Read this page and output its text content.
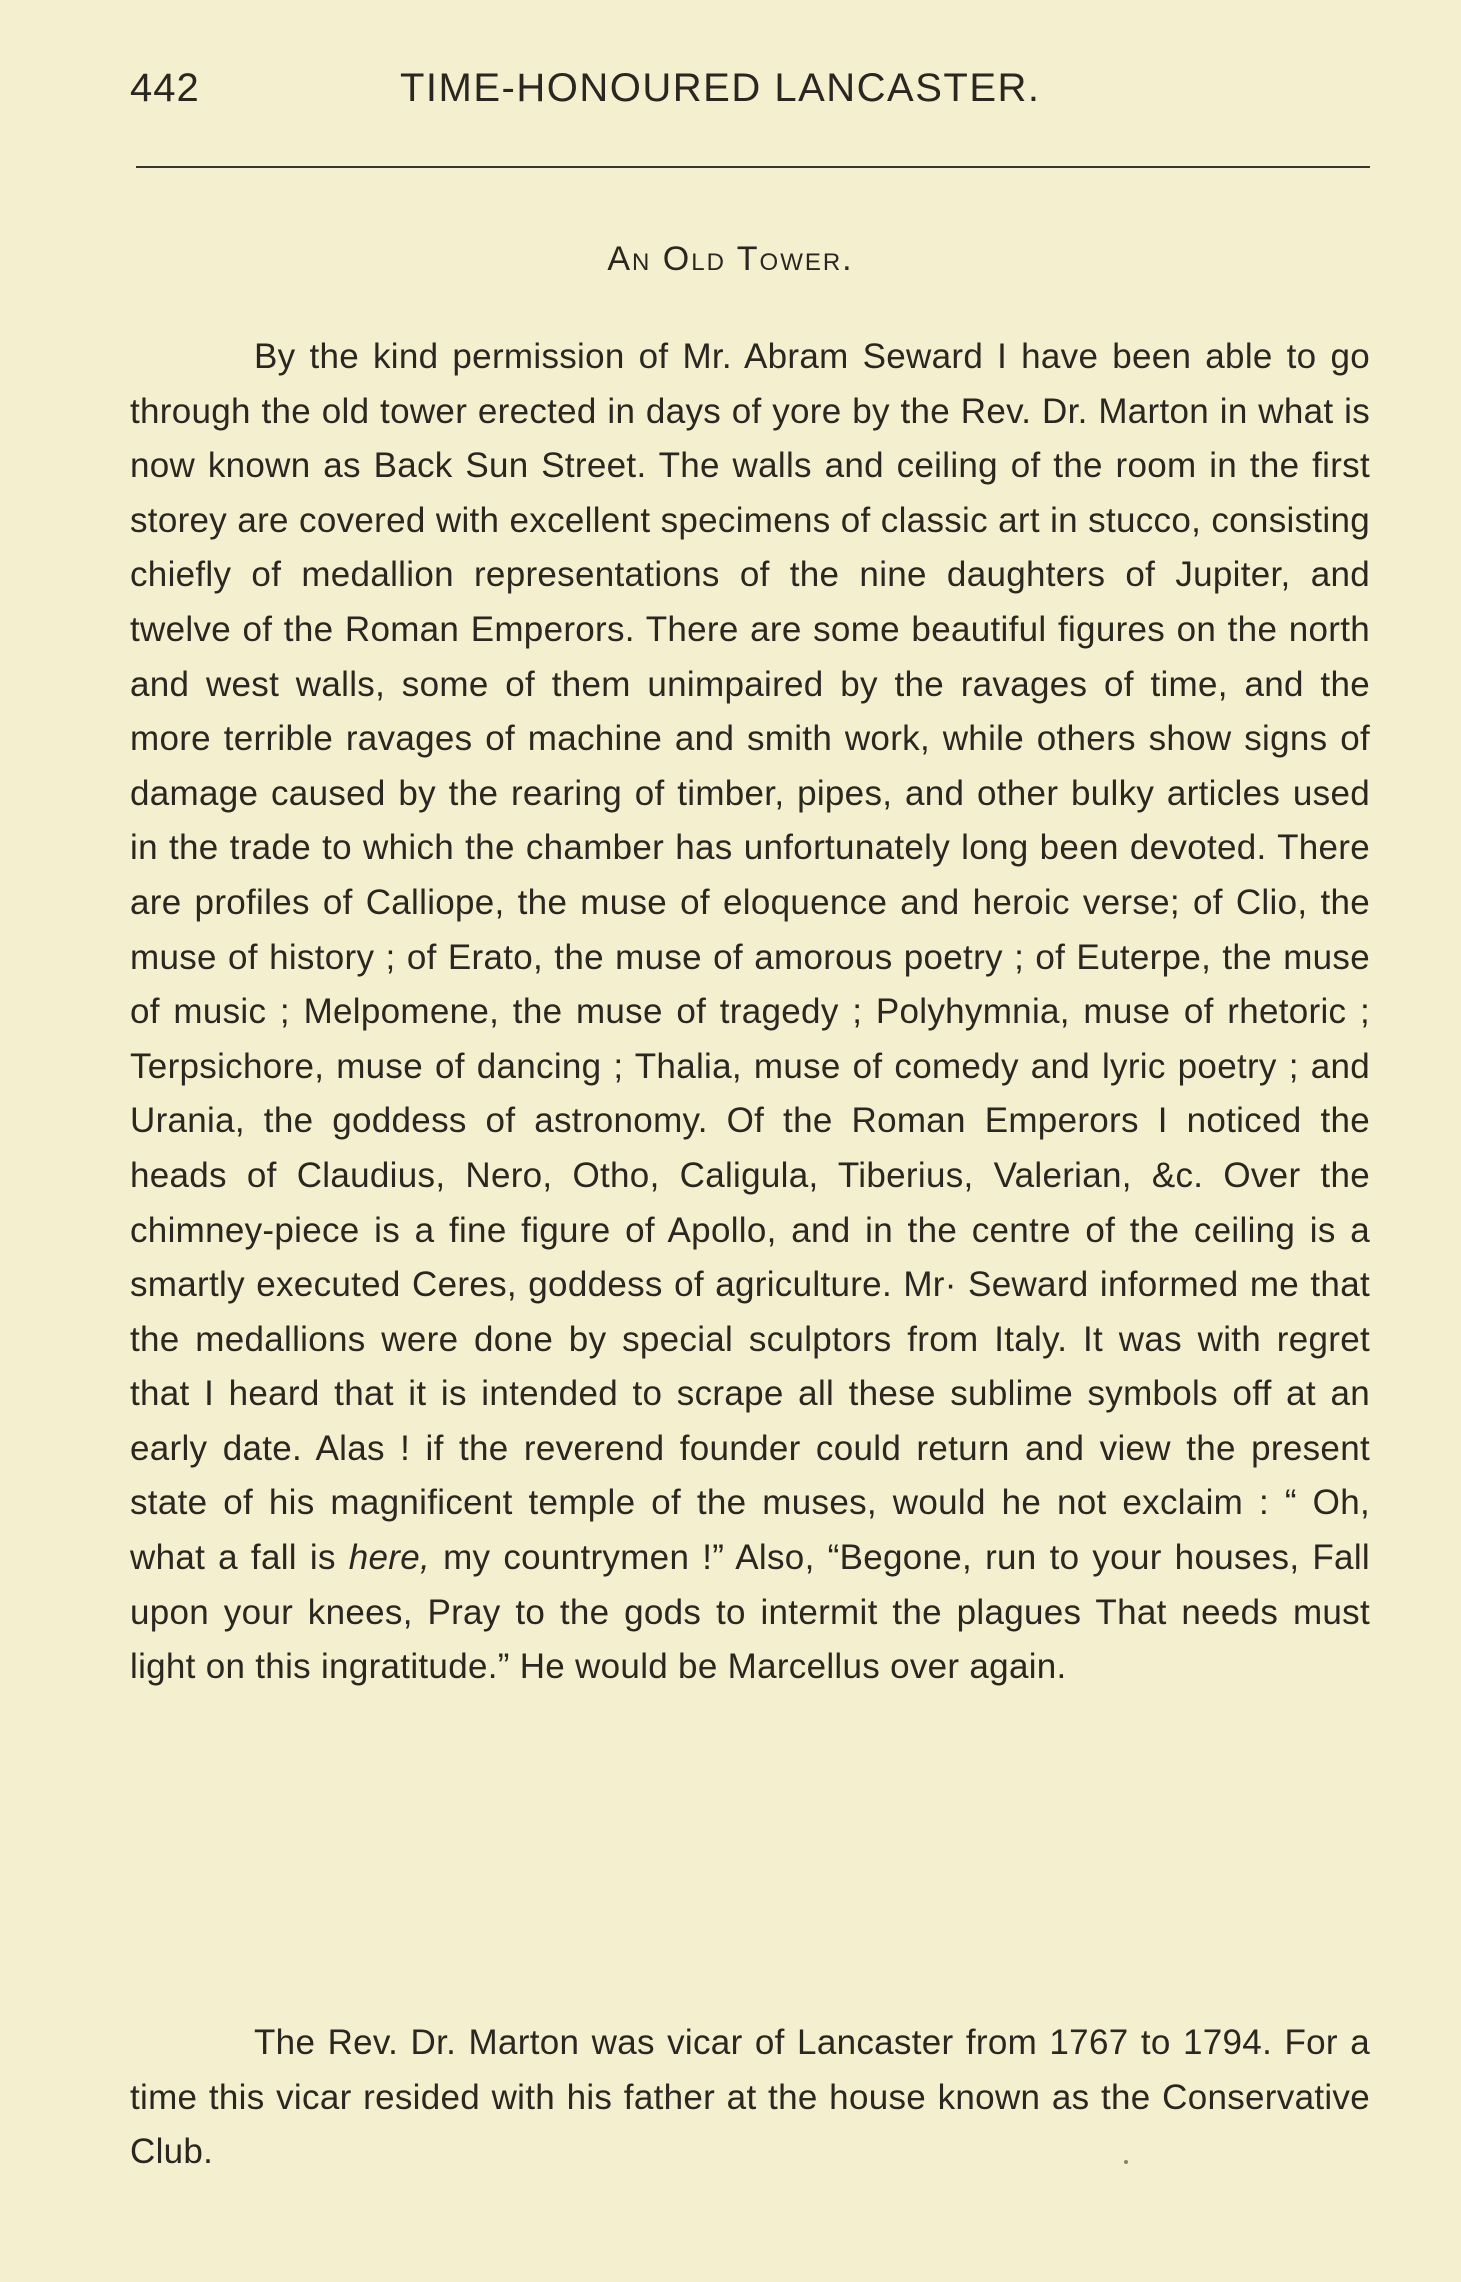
442	TIME-HONOURED LANCASTER.
An Old Tower.

By the kind permission of Mr. Abram Seward I have been able to go through the old tower erected in days of yore by the Rev. Dr. Marton in what is now known as Back Sun Street. The walls and ceiling of the room in the first storey are covered with excellent specimens of classic art in stucco, consisting chiefly of medallion representations of the nine daughters of Jupiter, and twelve of the Roman Emperors. There are some beautiful figures on the north and west walls, some of them unimpaired by the ravages of time, and the more terrible ravages of machine and smith work, while others show signs of damage caused by the rearing of timber, pipes, and other bulky articles used in the trade to which the chamber has unfortunately long been devoted. There are profiles of Calliope, the muse of eloquence and heroic verse; of Clio, the muse of history ; of Erato, the muse of amorous poetry ; of Euterpe, the muse of music ; Melpomene, the muse of tragedy ; Polyhymnia, muse of rhetoric ; Terpsichore, muse of dancing ; Thalia, muse of comedy and lyric poetry ; and Urania, the goddess of astronomy. Of the Roman Emperors I noticed the heads of Claudius, Nero, Otho, Caligula, Tiberius, Valerian, &c. Over the chimney-piece is a fine figure of Apollo, and in the centre of the ceiling is a smartly executed Ceres, goddess of agriculture. Mr· Seward informed me that the medallions were done by special sculptors from Italy. It was with regret that I heard that it is intended to scrape all these sublime symbols off at an early date. Alas ! if the reverend founder could return and view the present state of his magnificent temple of the muses, would he not exclaim : “ Oh, what a fall is here, my countrymen !” Also, “Begone, run to your houses, Fall upon your knees, Pray to the gods to intermit the plagues That needs must light on this ingratitude.” He would be Marcellus over again.

The Rev. Dr. Marton was vicar of Lancaster from 1767 to 1794. For a time this vicar resided with his father at the house known as the Conservative Club.
